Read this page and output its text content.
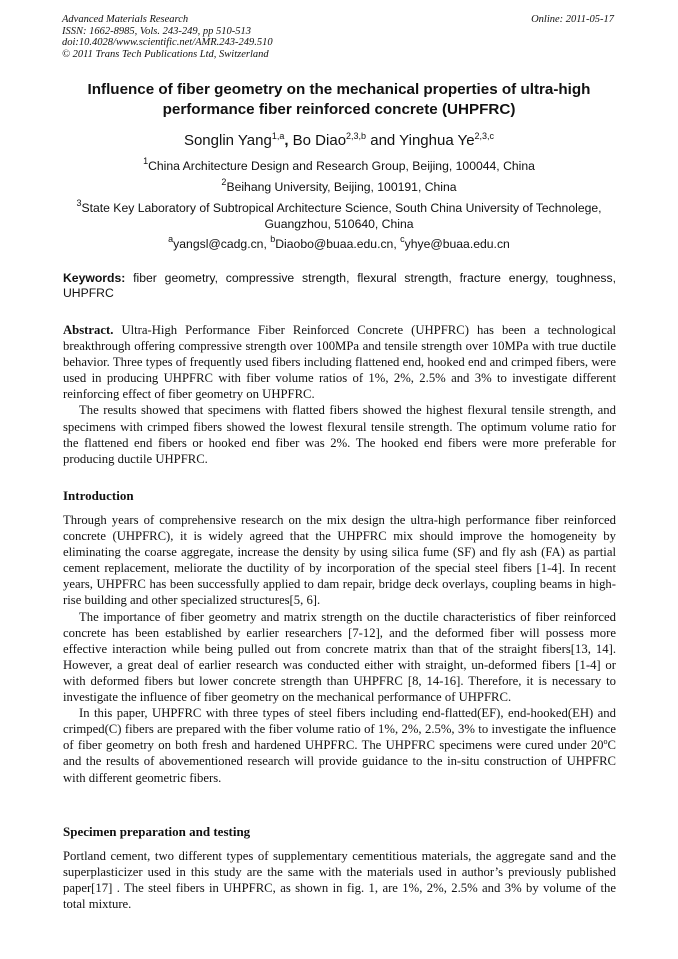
Advanced Materials Research
ISSN: 1662-8985, Vols. 243-249, pp 510-513
doi:10.4028/www.scientific.net/AMR.243-249.510
© 2011 Trans Tech Publications Ltd, Switzerland
Online: 2011-05-17
Influence of fiber geometry on the mechanical properties of ultra-high
performance fiber reinforced concrete (UHPFRC)
Songlin Yang$^{1,a}$, Bo Diao$^{2,3,b}$ and Yinghua Ye$^{2,3,c}$
$^1$China Architecture Design and Research Group, Beijing, 100044, China
$^2$Beihang University, Beijing, 100191, China
$^3$State Key Laboratory of Subtropical Architecture Science, South China University of Technolege,
Guangzhou, 510640, China
$^a$yangsl@cadg.cn, $^b$Diaobo@buaa.edu.cn, $^c$yhye@buaa.edu.cn
Keywords: fiber geometry, compressive strength, flexural strength, fracture energy, toughness, UHPFRC

Abstract. Ultra-High Performance Fiber Reinforced Concrete (UHPFRC) has been a technological breakthrough offering compressive strength over 100MPa and tensile strength over 10MPa with true ductile behavior. Three types of frequently used fibers including flattened end, hooked end and crimped fibers, were used in producing UHPFRC with fiber volume ratios of 1%, 2%, 2.5% and 3% to investigate different reinforcing effect of fiber geometry on UHPFRC.

The results showed that specimens with flatted fibers showed the highest flexural tensile strength, and specimens with crimped fibers showed the lowest flexural tensile strength. The optimum volume ratio for the flattened end fibers or hooked end fiber was 2%. The hooked end fibers were more preferable for producing ductile UHPFRC.

Introduction

Through years of comprehensive research on the mix design the ultra-high performance fiber reinforced concrete (UHPFRC), it is widely agreed that the UHPFRC mix should improve the homogeneity by eliminating the coarse aggregate, increase the density by using silica fume (SF) and fly ash (FA) as partial cement replacement, meliorate the ductility of by incorporation of the special steel fibers [1-4]. In recent years, UHPFRC has been successfully applied to dam repair, bridge deck overlays, coupling beams in high-rise building and other specialized structures[5, 6].

The importance of fiber geometry and matrix strength on the ductile characteristics of fiber reinforced concrete has been established by earlier researchers [7-12], and the deformed fiber will possess more effective interaction while being pulled out from concrete matrix than that of the straight fibers[13, 14]. However, a great deal of earlier research was conducted either with straight, un-deformed fibers [1-4] or with deformed fibers but lower concrete strength than UHPFRC [8, 14-16]. Therefore, it is necessary to investigate the influence of fiber geometry on the mechanical performance of UHPFRC.

In this paper, UHPFRC with three types of steel fibers including end-flatted(EF), end-hooked(EH) and crimped(C) fibers are prepared with the fiber volume ratio of 1%, 2%, 2.5%, 3% to investigate the influence of fiber geometry on both fresh and hardened UHPFRC. The UHPFRC specimens were cured under 20$^o$C and the results of abovementioned research will provide guidance to the in-situ construction of UHPFRC with different geometric fibers.

Specimen preparation and testing

Portland cement, two different types of supplementary cementitious materials, the aggregate sand and the superplasticizer used in this study are the same with the materials used in author’s previously published paper[17] . The steel fibers in UHPFRC, as shown in fig. 1, are 1%, 2%, 2.5% and 3% by volume of the total mixture.
